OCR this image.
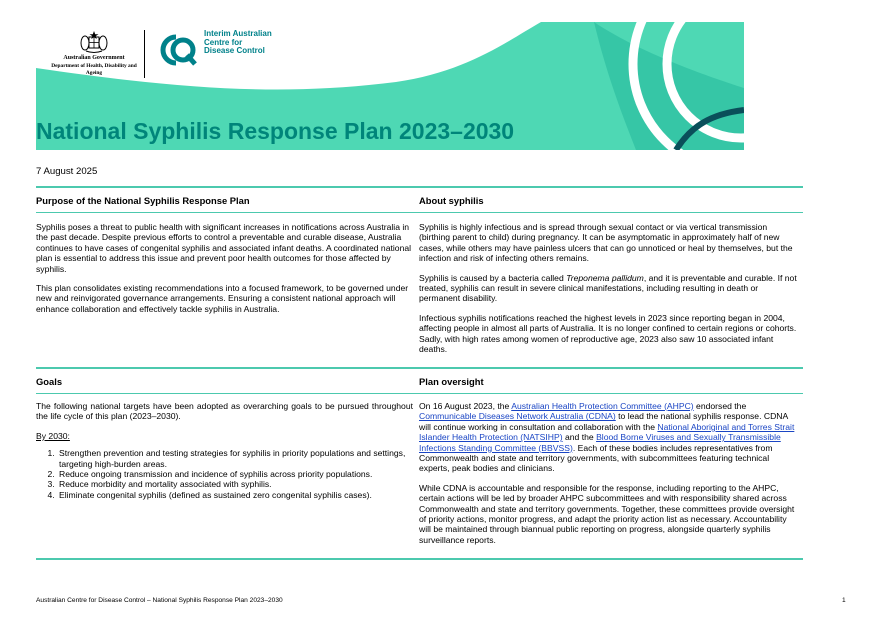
Australian Government
Department of Health, Disability and Ageing
Interim Australian Centre for Disease Control
National Syphilis Response Plan 2023–2030
7 August 2025
Purpose of the National Syphilis Response Plan	About syphilis

Syphilis poses a threat to public health with significant increases in notifications across Australia in the past decade. Despite previous efforts to control a preventable and curable disease, Australia continues to have cases of congenital syphilis and associated infant deaths. A coordinated national plan is essential to address this issue and prevent poor health outcomes for those affected by syphilis.

This plan consolidates existing recommendations into a focused framework, to be governed under new and reinvigorated governance arrangements. Ensuring a consistent national approach will enhance collaboration and effectively tackle syphilis in Australia.

Syphilis is highly infectious and is spread through sexual contact or via vertical transmission (birthing parent to child) during pregnancy. It can be asymptomatic in approximately half of new cases, while others may have painless ulcers that can go unnoticed or heal by themselves, but the infection and risk of infecting others remains.

Syphilis is caused by a bacteria called Treponema pallidum, and it is preventable and curable. If not treated, syphilis can result in severe clinical manifestations, including resulting in death or permanent disability.

Infectious syphilis notifications reached the highest levels in 2023 since reporting began in 2004, affecting people in almost all parts of Australia. It is no longer confined to certain regions or cohorts. Sadly, with high rates among women of reproductive age, 2023 also saw 10 associated infant deaths.

Goals	Plan oversight

The following national targets have been adopted as overarching goals to be pursued throughout the life cycle of this plan (2023–2030).

By 2030:

1. Strengthen prevention and testing strategies for syphilis in priority populations and settings, targeting high-burden areas.
2. Reduce ongoing transmission and incidence of syphilis across priority populations.
3. Reduce morbidity and mortality associated with syphilis.
4. Eliminate congenital syphilis (defined as sustained zero congenital syphilis cases).

On 16 August 2023, the Australian Health Protection Committee (AHPC) endorsed the Communicable Diseases Network Australia (CDNA) to lead the national syphilis response. CDNA will continue working in consultation and collaboration with the National Aboriginal and Torres Strait Islander Health Protection (NATSIHP) and the Blood Borne Viruses and Sexually Transmissible Infections Standing Committee (BBVSS). Each of these bodies includes representatives from Commonwealth and state and territory governments, with subcommittees featuring technical experts, peak bodies and clinicians.

While CDNA is accountable and responsible for the response, including reporting to the AHPC, certain actions will be led by broader AHPC subcommittees and with responsibility shared across Commonwealth and state and territory governments. Together, these committees provide oversight of priority actions, monitor progress, and adapt the priority action list as necessary. Accountability will be maintained through biannual public reporting on progress, alongside quarterly syphilis surveillance reports.

Australian Centre for Disease Control – National Syphilis Response Plan 2023–2030	1
